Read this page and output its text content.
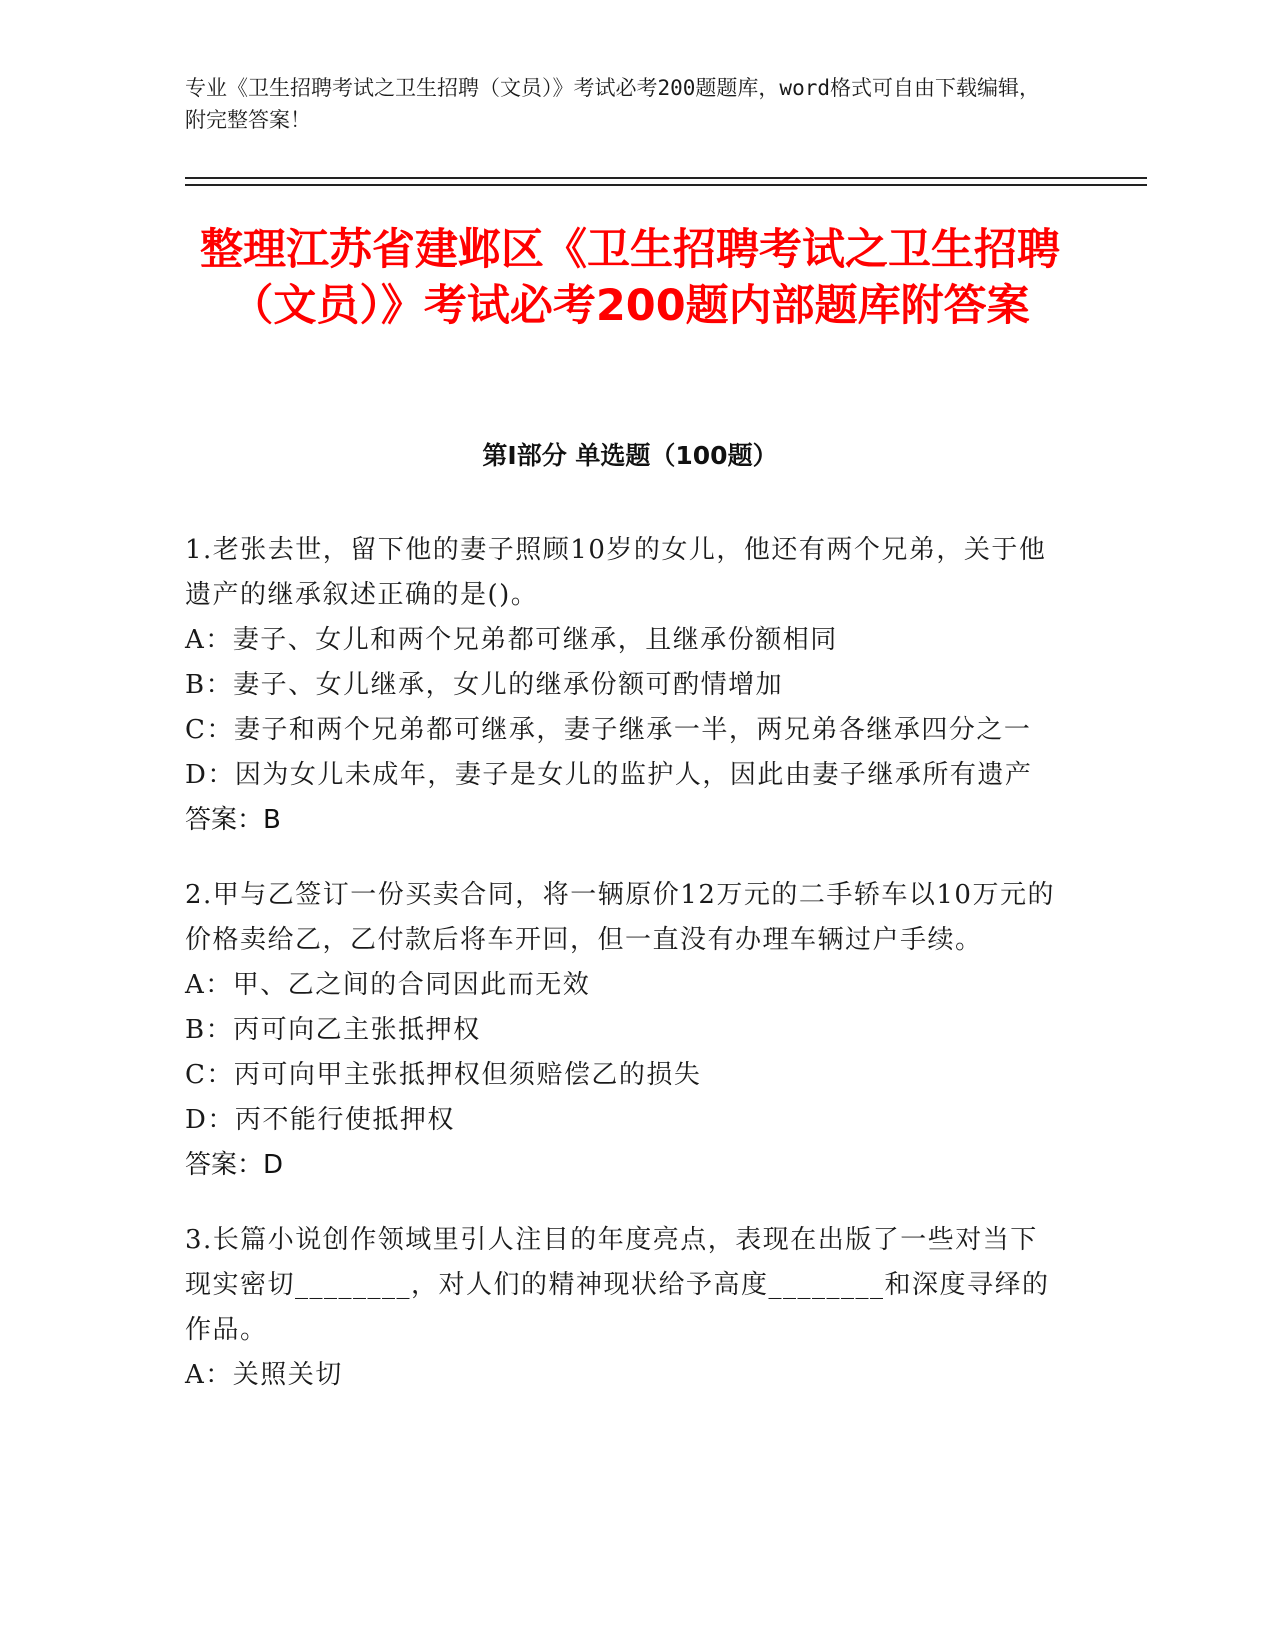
专业《卫生招聘考试之卫生招聘（文员）》考试必考200题题库，word格式可自由下载编辑，附完整答案！
整理江苏省建邺区《卫生招聘考试之卫生招聘（文员）》考试必考200题内部题库附答案
第Ⅰ部分 单选题（100题）
1.老张去世，留下他的妻子照顾10岁的女儿，他还有两个兄弟，关于他遗产的继承叙述正确的是()。
A：妻子、女儿和两个兄弟都可继承，且继承份额相同
B：妻子、女儿继承，女儿的继承份额可酌情增加
C：妻子和两个兄弟都可继承，妻子继承一半，两兄弟各继承四分之一
D：因为女儿未成年，妻子是女儿的监护人，因此由妻子继承所有遗产
答案：B
2.甲与乙签订一份买卖合同，将一辆原价12万元的二手轿车以10万元的价格卖给乙，乙付款后将车开回，但一直没有办理车辆过户手续。
A：甲、乙之间的合同因此而无效
B：丙可向乙主张抵押权
C：丙可向甲主张抵押权但须赔偿乙的损失
D：丙不能行使抵押权
答案：D
3.长篇小说创作领域里引人注目的年度亮点，表现在出版了一些对当下现实密切________，对人们的精神现状给予高度________和深度寻绎的作品。
A：关照关切
